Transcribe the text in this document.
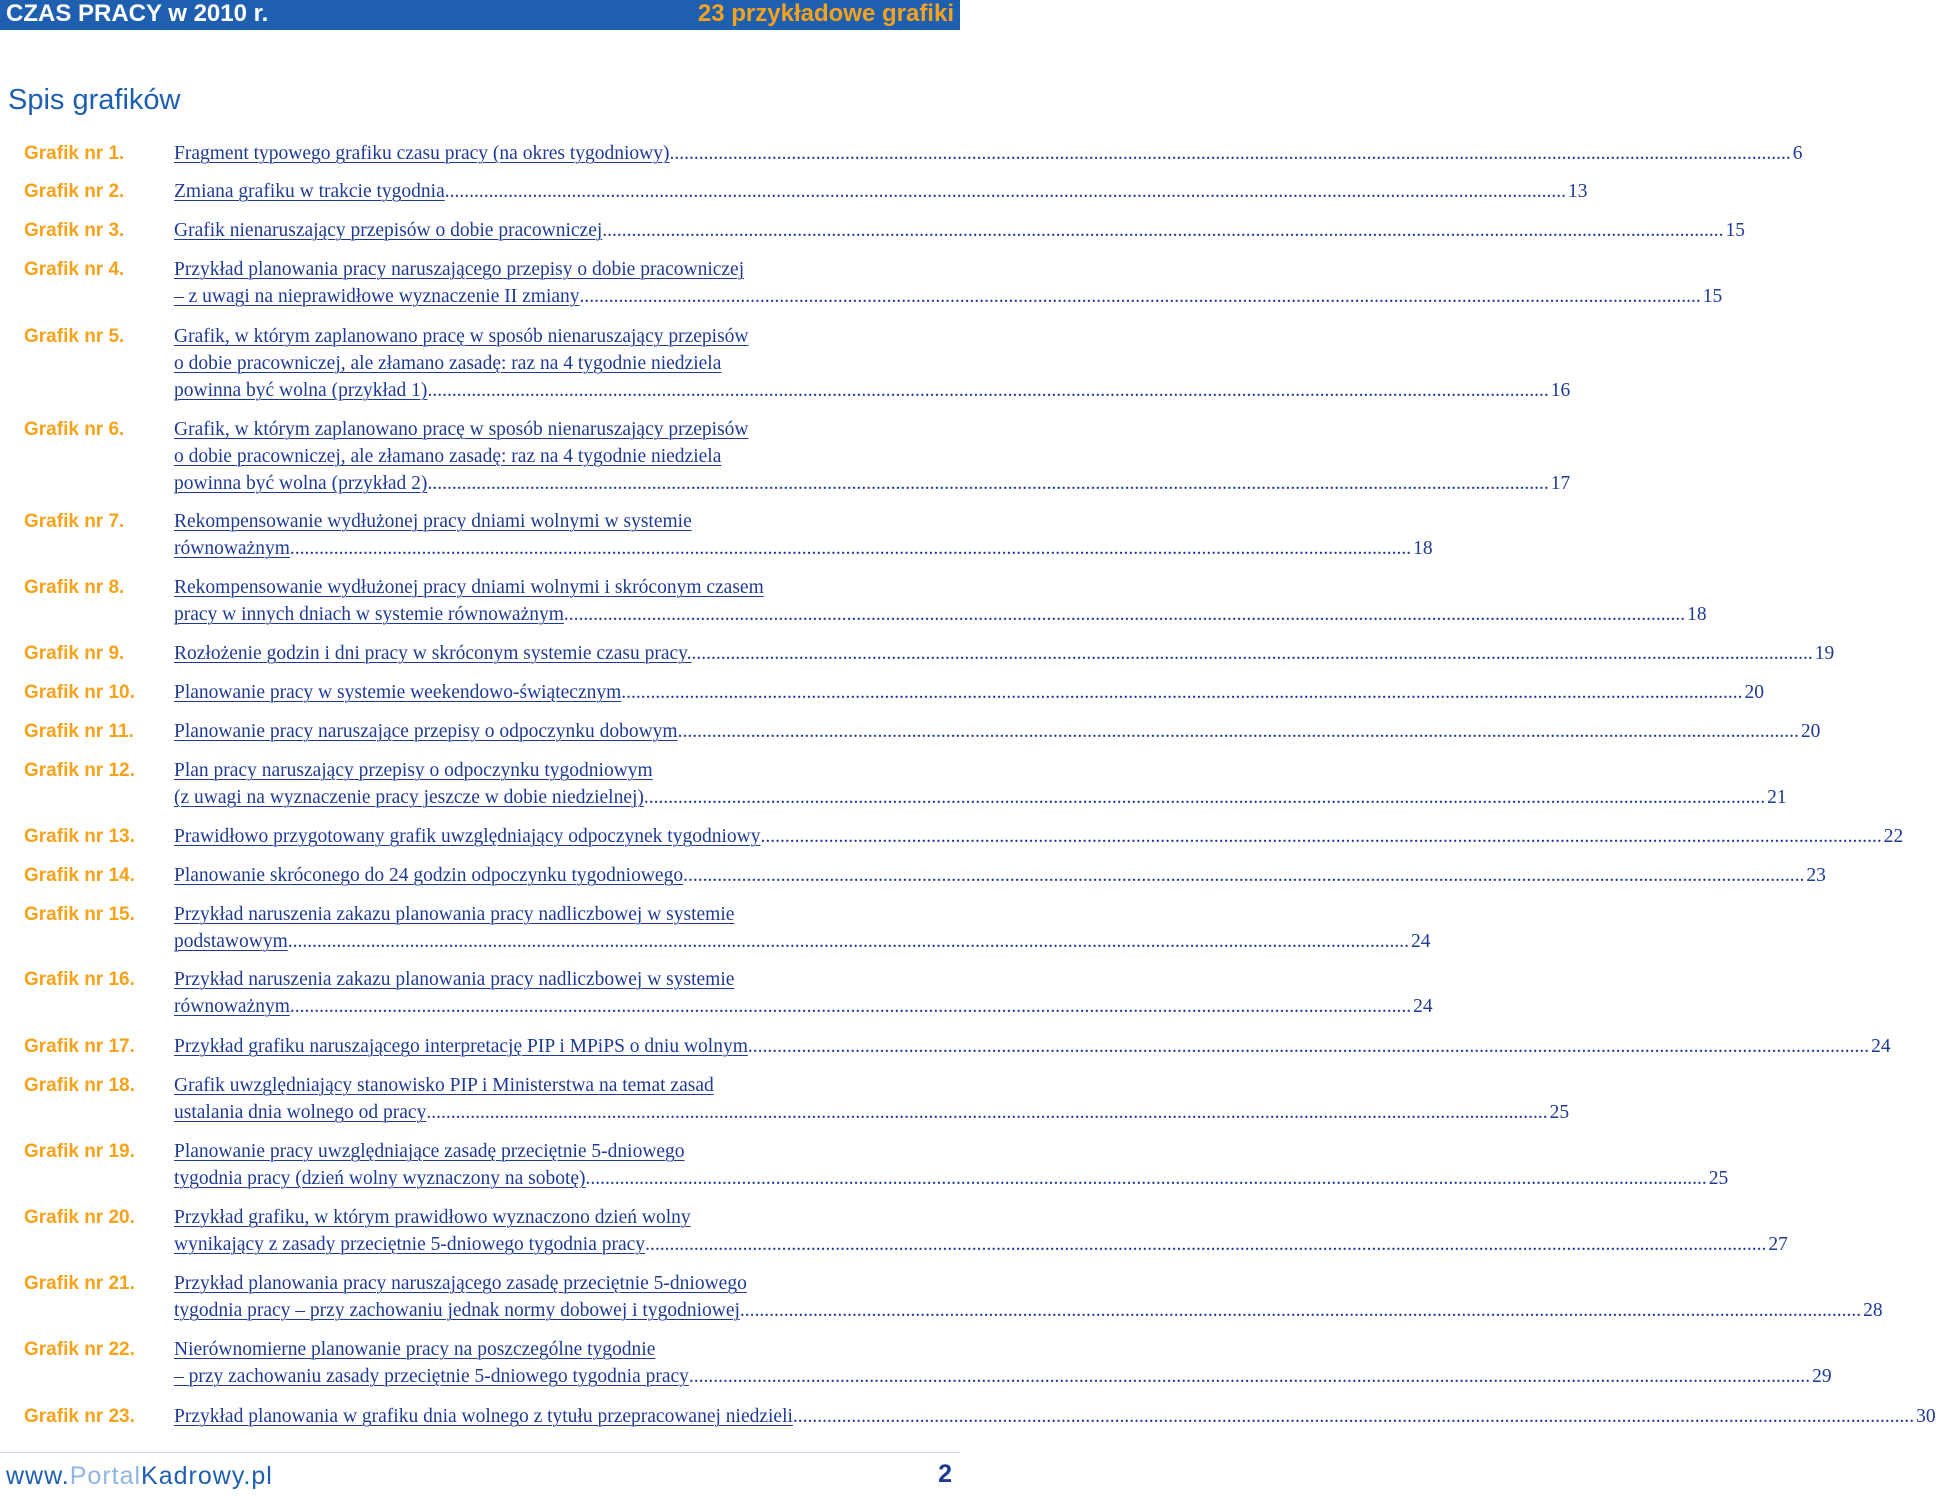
CZAS PRACY w 2010 r.	23 przykładowe grafiki
Spis grafików
Grafik nr 1.	Fragment typowego grafiku czasu pracy (na okres tygodniowy) .....	6
Grafik nr 2.	Zmiana grafiku w trakcie tygodnia .....	13
Grafik nr 3.	Grafik nienaruszający przepisów o dobie pracowniczej .....	15
Grafik nr 4.	Przykład planowania pracy naruszającego przepisy o dobie pracowniczej
– z uwagi na nieprawidłowe wyznaczenie II zmiany .....	15
Grafik nr 5.	Grafik, w którym zaplanowano pracę w sposób nienaruszający przepisów
o dobie pracowniczej, ale złamano zasadę: raz na 4 tygodnie niedziela
powinna być wolna (przykład 1) .....	16
Grafik nr 6.	Grafik, w którym zaplanowano pracę w sposób nienaruszający przepisów
o dobie pracowniczej, ale złamano zasadę: raz na 4 tygodnie niedziela
powinna być wolna (przykład 2) .....	17
Grafik nr 7.	Rekompensowanie wydłużonej pracy dniami wolnymi w systemie
równoważnym .....	18
Grafik nr 8.	Rekompensowanie wydłużonej pracy dniami wolnymi i skróconym czasem
pracy w innych dniach w systemie równoważnym .....	18
Grafik nr 9.	Rozłożenie godzin i dni pracy w skróconym systemie czasu pracy. .....	19
Grafik nr 10.	Planowanie pracy w systemie weekendowo-świątecznym .....	20
Grafik nr 11.	Planowanie pracy naruszające przepisy o odpoczynku dobowym .....	20
Grafik nr 12.	Plan pracy naruszający przepisy o odpoczynku tygodniowym
(z uwagi na wyznaczenie pracy jeszcze w dobie niedzielnej) .....	21
Grafik nr 13.	Prawidłowo przygotowany grafik uwzględniający odpoczynek tygodniowy .....	22
Grafik nr 14.	Planowanie skróconego do 24 godzin odpoczynku tygodniowego .....	23
Grafik nr 15.	Przykład naruszenia zakazu planowania pracy nadliczbowej w systemie
podstawowym .....	24
Grafik nr 16.	Przykład naruszenia zakazu planowania pracy nadliczbowej w systemie
równoważnym .....	24
Grafik nr 17.	Przykład grafiku naruszającego interpretację PIP i MPiPS o dniu wolnym .....	24
Grafik nr 18.	Grafik uwzględniający stanowisko PIP i Ministerstwa na temat zasad
ustalania dnia wolnego od pracy .....	25
Grafik nr 19.	Planowanie pracy uwzględniające zasadę przeciętnie 5-dniowego
tygodnia pracy (dzień wolny wyznaczony na sobotę) .....	25
Grafik nr 20.	Przykład grafiku, w którym prawidłowo wyznaczono dzień wolny
wynikający z zasady przeciętnie 5-dniowego tygodnia pracy .....	27
Grafik nr 21.	Przykład planowania pracy naruszającego zasadę przeciętnie 5-dniowego
tygodnia pracy – przy zachowaniu jednak normy dobowej i tygodniowej .....	28
Grafik nr 22.	Nierównomierne planowanie pracy na poszczególne tygodnie
– przy zachowaniu zasady przeciętnie 5-dniowego tygodnia pracy .....	29
Grafik nr 23.	Przykład planowania w grafiku dnia wolnego z tytułu przepracowanej niedzieli .....	30
www.PortalKadrowy.pl	2
